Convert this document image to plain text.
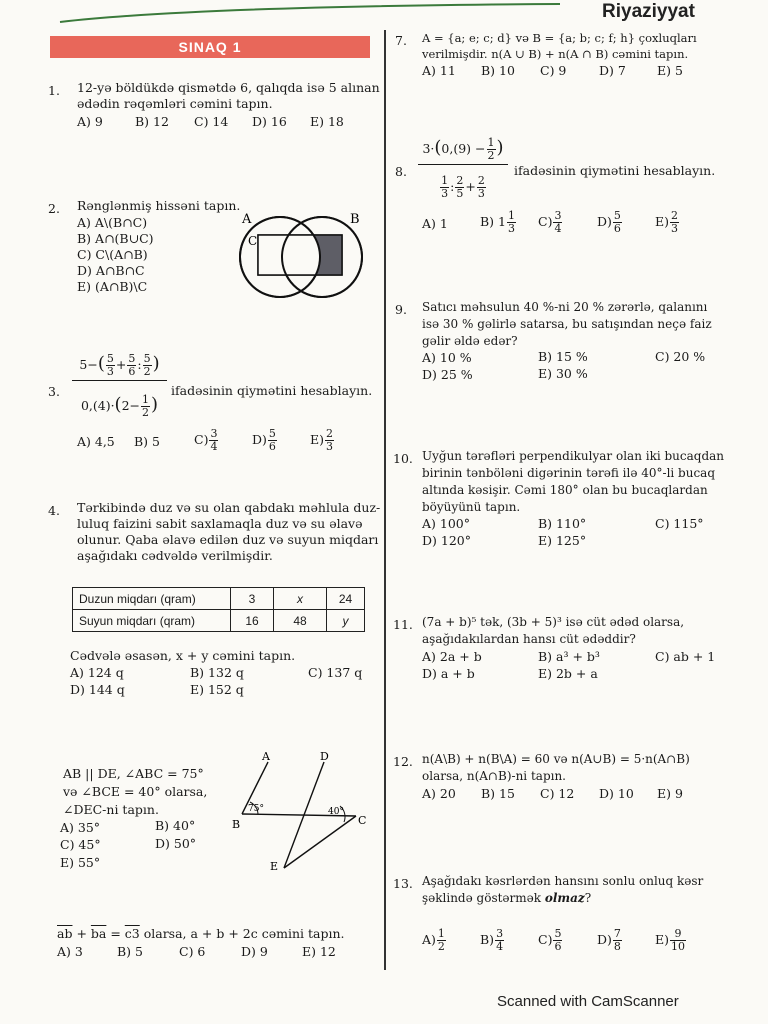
Riyaziyyat
SINAQ 1
1. 12-yə böldükdə qismətdə 6, qalıqda isə 5 alınan
ədədin rəqəmləri cəmini tapın.
A) 9	B) 12 C) 14 D) 16 E) 18
2. Rənglənmiş hissəni tapın.
A) A\(B∩C)
B) A∩(B∪C)
C) C\(A∩B)
D) A∩B∩C
E) (A∩B)\C
A	B
C
3.
$5-( \frac{5}{3} + \frac{5}{6}$ : $\frac{5}{2}$ )
$0,(4)\cdot(2- \frac{1}{2}$ )
ifadəsinin qiymətini hesablayın.
A) 4,5 B) 5	$C) \frac{3}{4}$	$D) \frac{5}{6}$	$E) \frac{2}{3}$
4. Tərkibində duz və su olan qabdakı məhlula duz-
luluq faizini sabit saxlamaqla duz və su əlavə
olunur. Qaba əlavə edilən duz və suyun miqdarı
aşağıdakı cədvəldə verilmişdir.
Duzun miqdarı (qram)	3	x	24
Suyun miqdarı (qram)	16	48	y
Cədvələ əsasən, x + y cəmini tapın.
A) 124 q	B) 132 q	C) 137 q
D) 144 q	E) 152 q
AB || DE, ∠ABC = 75°
və ∠BCE = 40° olarsa,
∠DEC-ni tapın.
A) 35°	B) 40°
C) 45°	D) 50°
E) 55°
A	D
B	C
E
75°	40°
$\overline{ab} + \overline{ba} = c3$ olarsa, a + b + 2c cəmini tapın.
A) 3	B) 5	C) 6	D) 9	E) 12
7. A = {a; e; c; d} və B = {a; b; c; f; h} çoxluqları
verilmişdir. n(A ∪ B) + n(A ∩ B) cəmini tapın.
A) 11 B) 10 C) 9	D) 7 E) 5
8.
$3\cdot(0,(9) - \frac{1}{2}$ )
$\frac{1}{3}$ : $\frac{2}{5} + \frac{2}{3}$
ifadəsinin qiymətini hesablayın.
A) 1	B) $1 \frac{1}{3} C) \frac{3}{4}$	$D) \frac{5}{6}$	$E) \frac{2}{3}$
9. Satıcı məhsulun 40 %-ni 20 % zərərlə, qalanını
isə 30 % gəlirlə satarsa, bu satışından neçə faiz
gəlir əldə edər?
A) 10 %	B) 15 %	C) 20 %
D) 25 %	E) 30 %
10. Uyğun tərəfləri perpendikulyar olan iki bucaqdan
birinin tənböləni digərinin tərəfi ilə 40°-li bucaq
altında kəsişir. Cəmi 180° olan bu bucaqlardan
böyüyünü tapın.
A) 100°	B) 110°	C) 115°
D) 120°	E) 125°
11. (7a + b)⁵ tək, (3b + 5)³ isə cüt ədəd olarsa,
aşağıdakılardan hansı cüt ədəddir?
A) 2a + b	B) a³ + b³	C) ab + 1
D) a + b	E) 2b + a
12. n(A\B) + n(B\A) = 60 və n(A∪B) = 5·n(A∩B)
olarsa, n(A∩B)-ni tapın.
A) 20 B) 15 C) 12 D) 10 E) 9
13. Aşağıdakı kəsrlərdən hansını sonlu onluq kəsr
şəklində göstərmək olmaz?
$A) \frac{1}{2}$	$B) \frac{3}{4}$	$C) \frac{5}{6}$	$D) \frac{7}{8}$	$E) \frac{9}{10}$
Scanned with CamScanner
